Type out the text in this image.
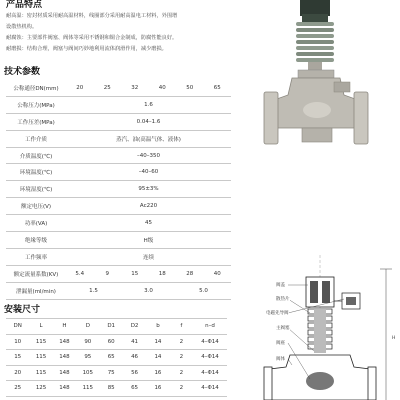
产品特点
耐高温：密封材质采用耐高温材料，线圈部分采用耐高温电工材料，外围增
设散热机构。
耐腐蚀：主要部件阀塞、阀体等采用不锈钢和铜合金制成，防腐性能良好。
耐磨损：结构合理，阀塞与阀间巧妙地利用流体润滑作用，减少磨损。
技术参数
公称通径DN(mm)	20	25	32	40	50	65
公称压力(MPa)	1.6					
工作压差(MPa)	0.04–1.6					
工作介质	蒸汽、油(高温气体、液体)					
介质温度(℃)	–40–350					
环境温度(℃)	–40–60					
环境湿度(℃)	95±3%					
额定电压(V)	Ac220					
功率(VA)	45					
绝缘等级	H级					
工作频率	连续					
额定流量系数(KV)	5.4	9	15	18	28	40
泄漏量(ml/min)	1.5		3.0		5.0	
安装尺寸
DN	L	H	D	D1	D2	b	f	n–d
10	115	148	90	60	41	14	2	4–Φ14
15	115	148	95	65	46	14	2	4–Φ14
20	115	148	105	75	56	16	2	4–Φ14
25	125	148	115	85	65	16	2	4–Φ14
阀盖
散热片
电磁先导阀
主阀塞
阀座
阀体
H
